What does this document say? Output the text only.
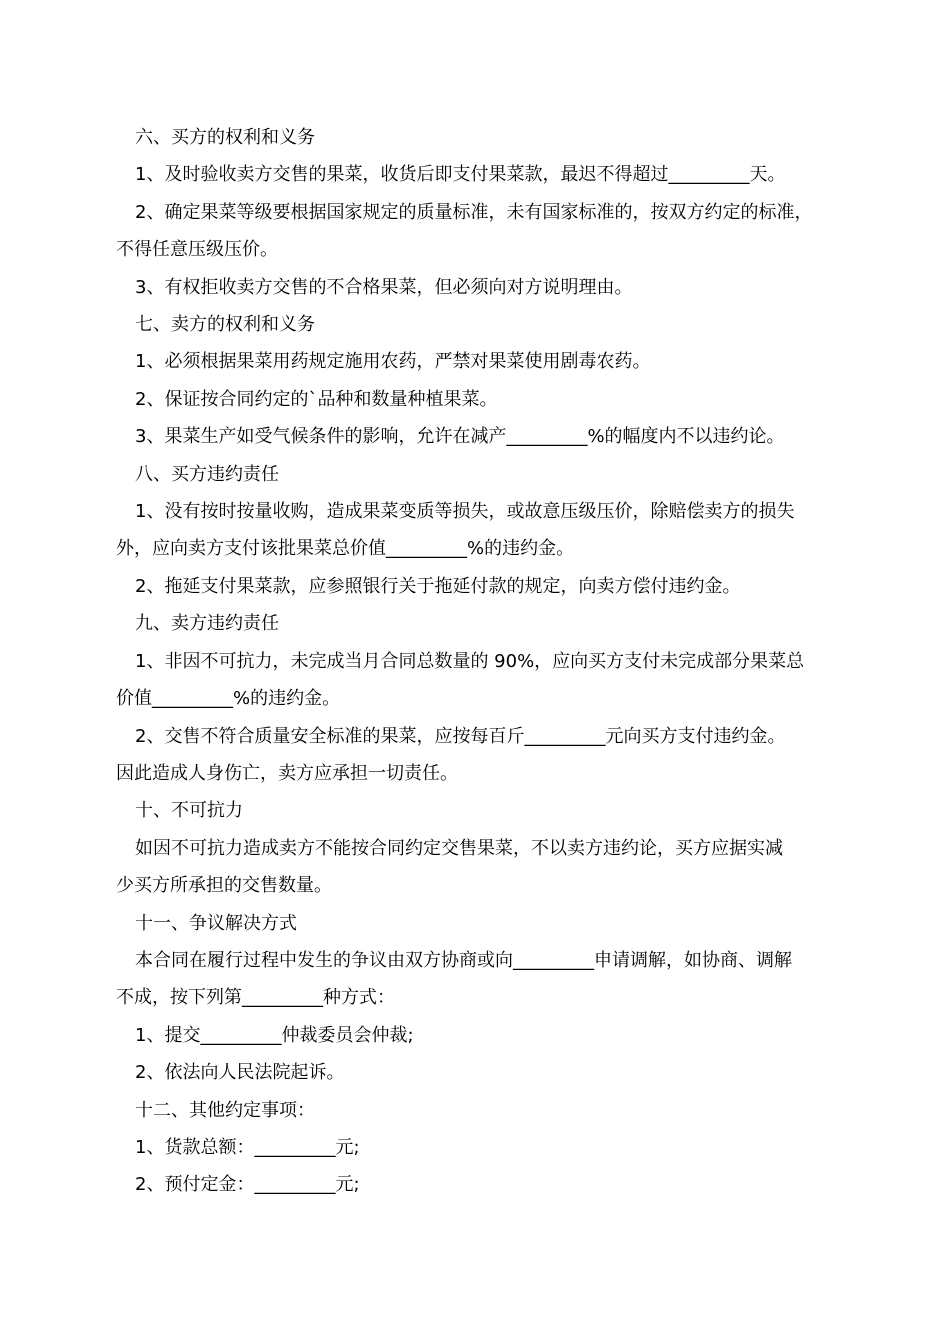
六、买方的权利和义务

1、及时验收卖方交售的果菜，收货后即支付果菜款，最迟不得超过_________天。

2、确定果菜等级要根据国家规定的质量标准，未有国家标准的，按双方约定的标准，
不得任意压级压价。

3、有权拒收卖方交售的不合格果菜，但必须向对方说明理由。

七、卖方的权利和义务

1、必须根据果菜用药规定施用农药，严禁对果菜使用剧毒农药。

2、保证按合同约定的`品种和数量种植果菜。

3、果菜生产如受气候条件的影响，允许在减产_________%的幅度内不以违约论。

八、买方违约责任

1、没有按时按量收购，造成果菜变质等损失，或故意压级压价，除赔偿卖方的损失
外，应向卖方支付该批果菜总价值_________%的违约金。

2、拖延支付果菜款，应参照银行关于拖延付款的规定，向卖方偿付违约金。

九、卖方违约责任

1、非因不可抗力，未完成当月合同总数量的 90%，应向买方支付未完成部分果菜总
价值_________%的违约金。

2、交售不符合质量安全标准的果菜，应按每百斤_________元向买方支付违约金。
因此造成人身伤亡，卖方应承担一切责任。

十、不可抗力

如因不可抗力造成卖方不能按合同约定交售果菜，不以卖方违约论，买方应据实减
少买方所承担的交售数量。

十一、争议解决方式

本合同在履行过程中发生的争议由双方协商或向_________申请调解，如协商、调解
不成，按下列第_________种方式：

1、提交_________仲裁委员会仲裁;

2、依法向人民法院起诉。

十二、其他约定事项：

1、货款总额：_________元;

2、预付定金：_________元;
